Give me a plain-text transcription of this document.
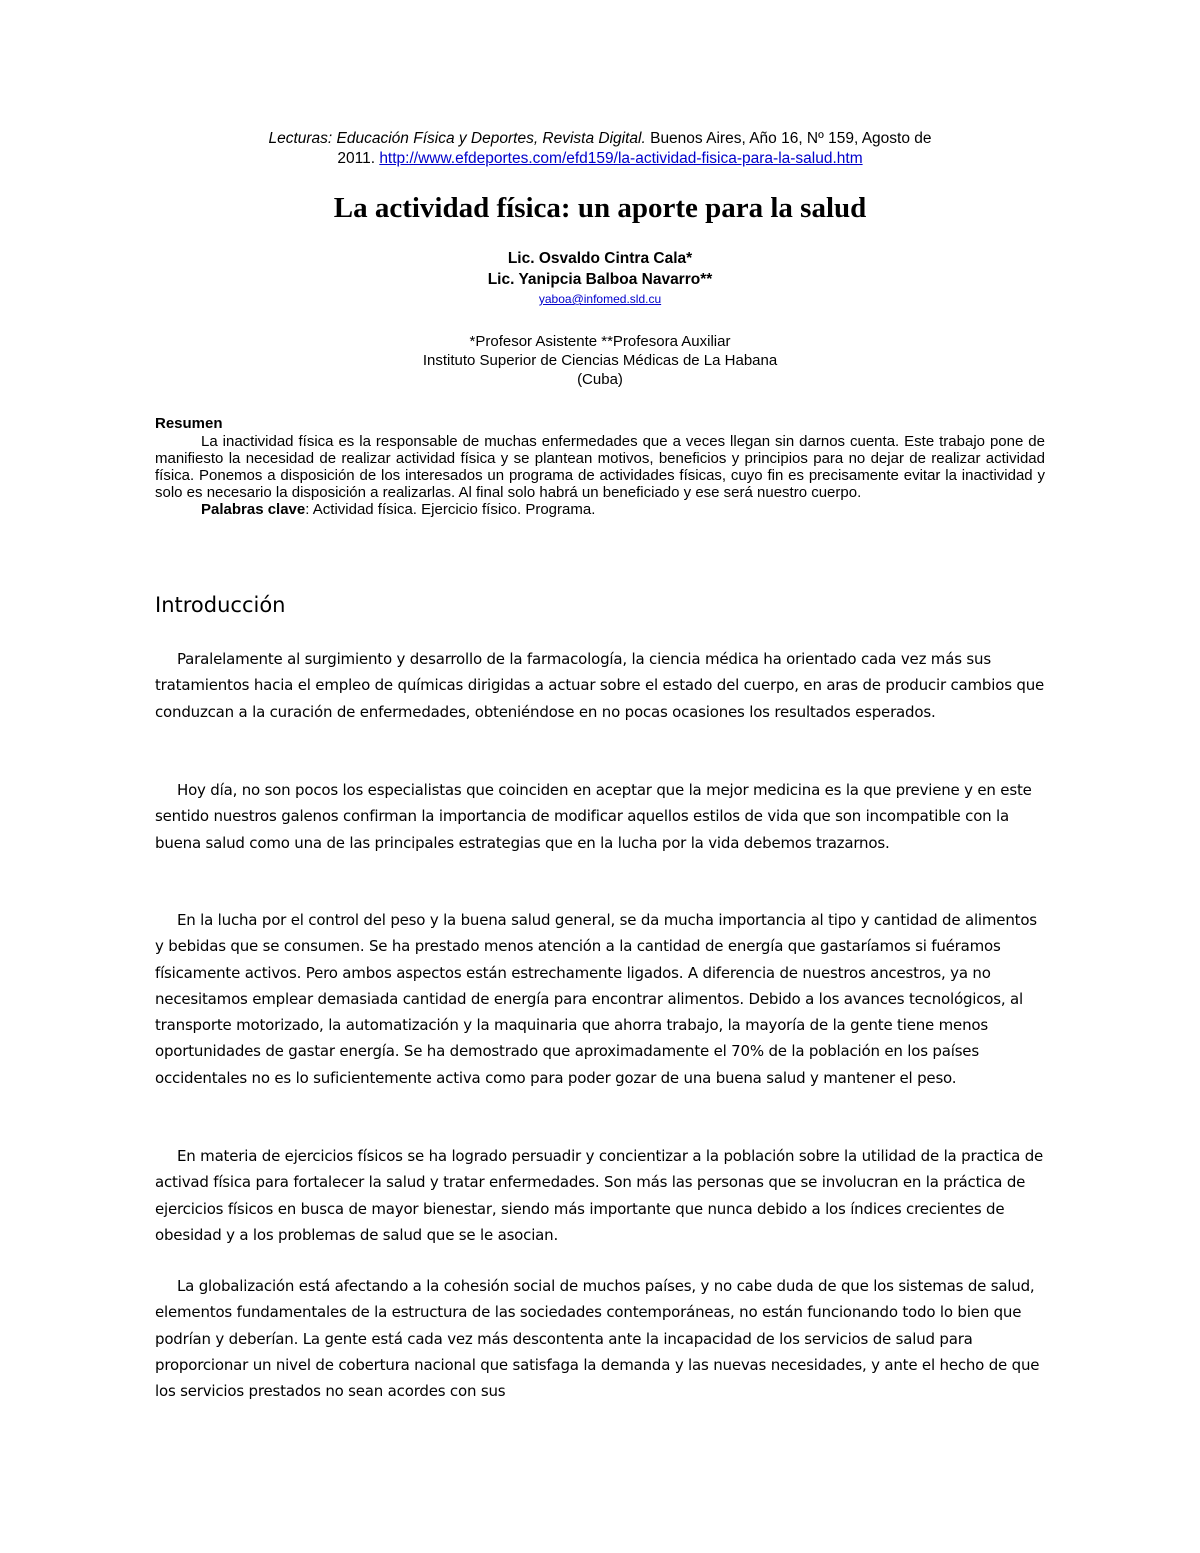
Lecturas: Educación Física y Deportes, Revista Digital. Buenos Aires, Año 16, Nº 159, Agosto de
2011. http://www.efdeportes.com/efd159/la-actividad-fisica-para-la-salud.htm
La actividad física: un aporte para la salud
Lic. Osvaldo Cintra Cala*
Lic. Yanipcia Balboa Navarro**
yaboa@infomed.sld.cu
*Profesor Asistente **Profesora Auxiliar
Instituto Superior de Ciencias Médicas de La Habana
(Cuba)
Resumen

La inactividad física es la responsable de muchas enfermedades que a veces llegan sin darnos cuenta. Este trabajo pone de manifiesto la necesidad de realizar actividad física y se plantean motivos, beneficios y principios para no dejar de realizar actividad física. Ponemos a disposición de los interesados un programa de actividades físicas, cuyo fin es precisamente evitar la inactividad y solo es necesario la disposición a realizarlas. Al final solo habrá un beneficiado y ese será nuestro cuerpo.

Palabras clave: Actividad física. Ejercicio físico. Programa.

Introducción

Paralelamente al surgimiento y desarrollo de la farmacología, la ciencia médica ha orientado cada vez más sus tratamientos hacia el empleo de químicas dirigidas a actuar sobre el estado del cuerpo, en aras de producir cambios que conduzcan a la curación de enfermedades, obteniéndose en no pocas ocasiones los resultados esperados.

Hoy día, no son pocos los especialistas que coinciden en aceptar que la mejor medicina es la que previene y en este sentido nuestros galenos confirman la importancia de modificar aquellos estilos de vida que son incompatible con la buena salud como una de las principales estrategias que en la lucha por la vida debemos trazarnos.

En la lucha por el control del peso y la buena salud general, se da mucha importancia al tipo y cantidad de alimentos y bebidas que se consumen. Se ha prestado menos atención a la cantidad de energía que gastaríamos si fuéramos físicamente activos. Pero ambos aspectos están estrechamente ligados. A diferencia de nuestros ancestros, ya no necesitamos emplear demasiada cantidad de energía para encontrar alimentos. Debido a los avances tecnológicos, al transporte motorizado, la automatización y la maquinaria que ahorra trabajo, la mayoría de la gente tiene menos oportunidades de gastar energía. Se ha demostrado que aproximadamente el 70% de la población en los países occidentales no es lo suficientemente activa como para poder gozar de una buena salud y mantener el peso.

En materia de ejercicios físicos se ha logrado persuadir y concientizar a la población sobre la utilidad de la practica de activad física para fortalecer la salud y tratar enfermedades. Son más las personas que se involucran en la práctica de ejercicios físicos en busca de mayor bienestar, siendo más importante que nunca debido a los índices crecientes de obesidad y a los problemas de salud que se le asocian.

La globalización está afectando a la cohesión social de muchos países, y no cabe duda de que los sistemas de salud, elementos fundamentales de la estructura de las sociedades contemporáneas, no están funcionando todo lo bien que podrían y deberían. La gente está cada vez más descontenta ante la incapacidad de los servicios de salud para proporcionar un nivel de cobertura nacional que satisfaga la demanda y las nuevas necesidades, y ante el hecho de que los servicios prestados no sean acordes con sus
